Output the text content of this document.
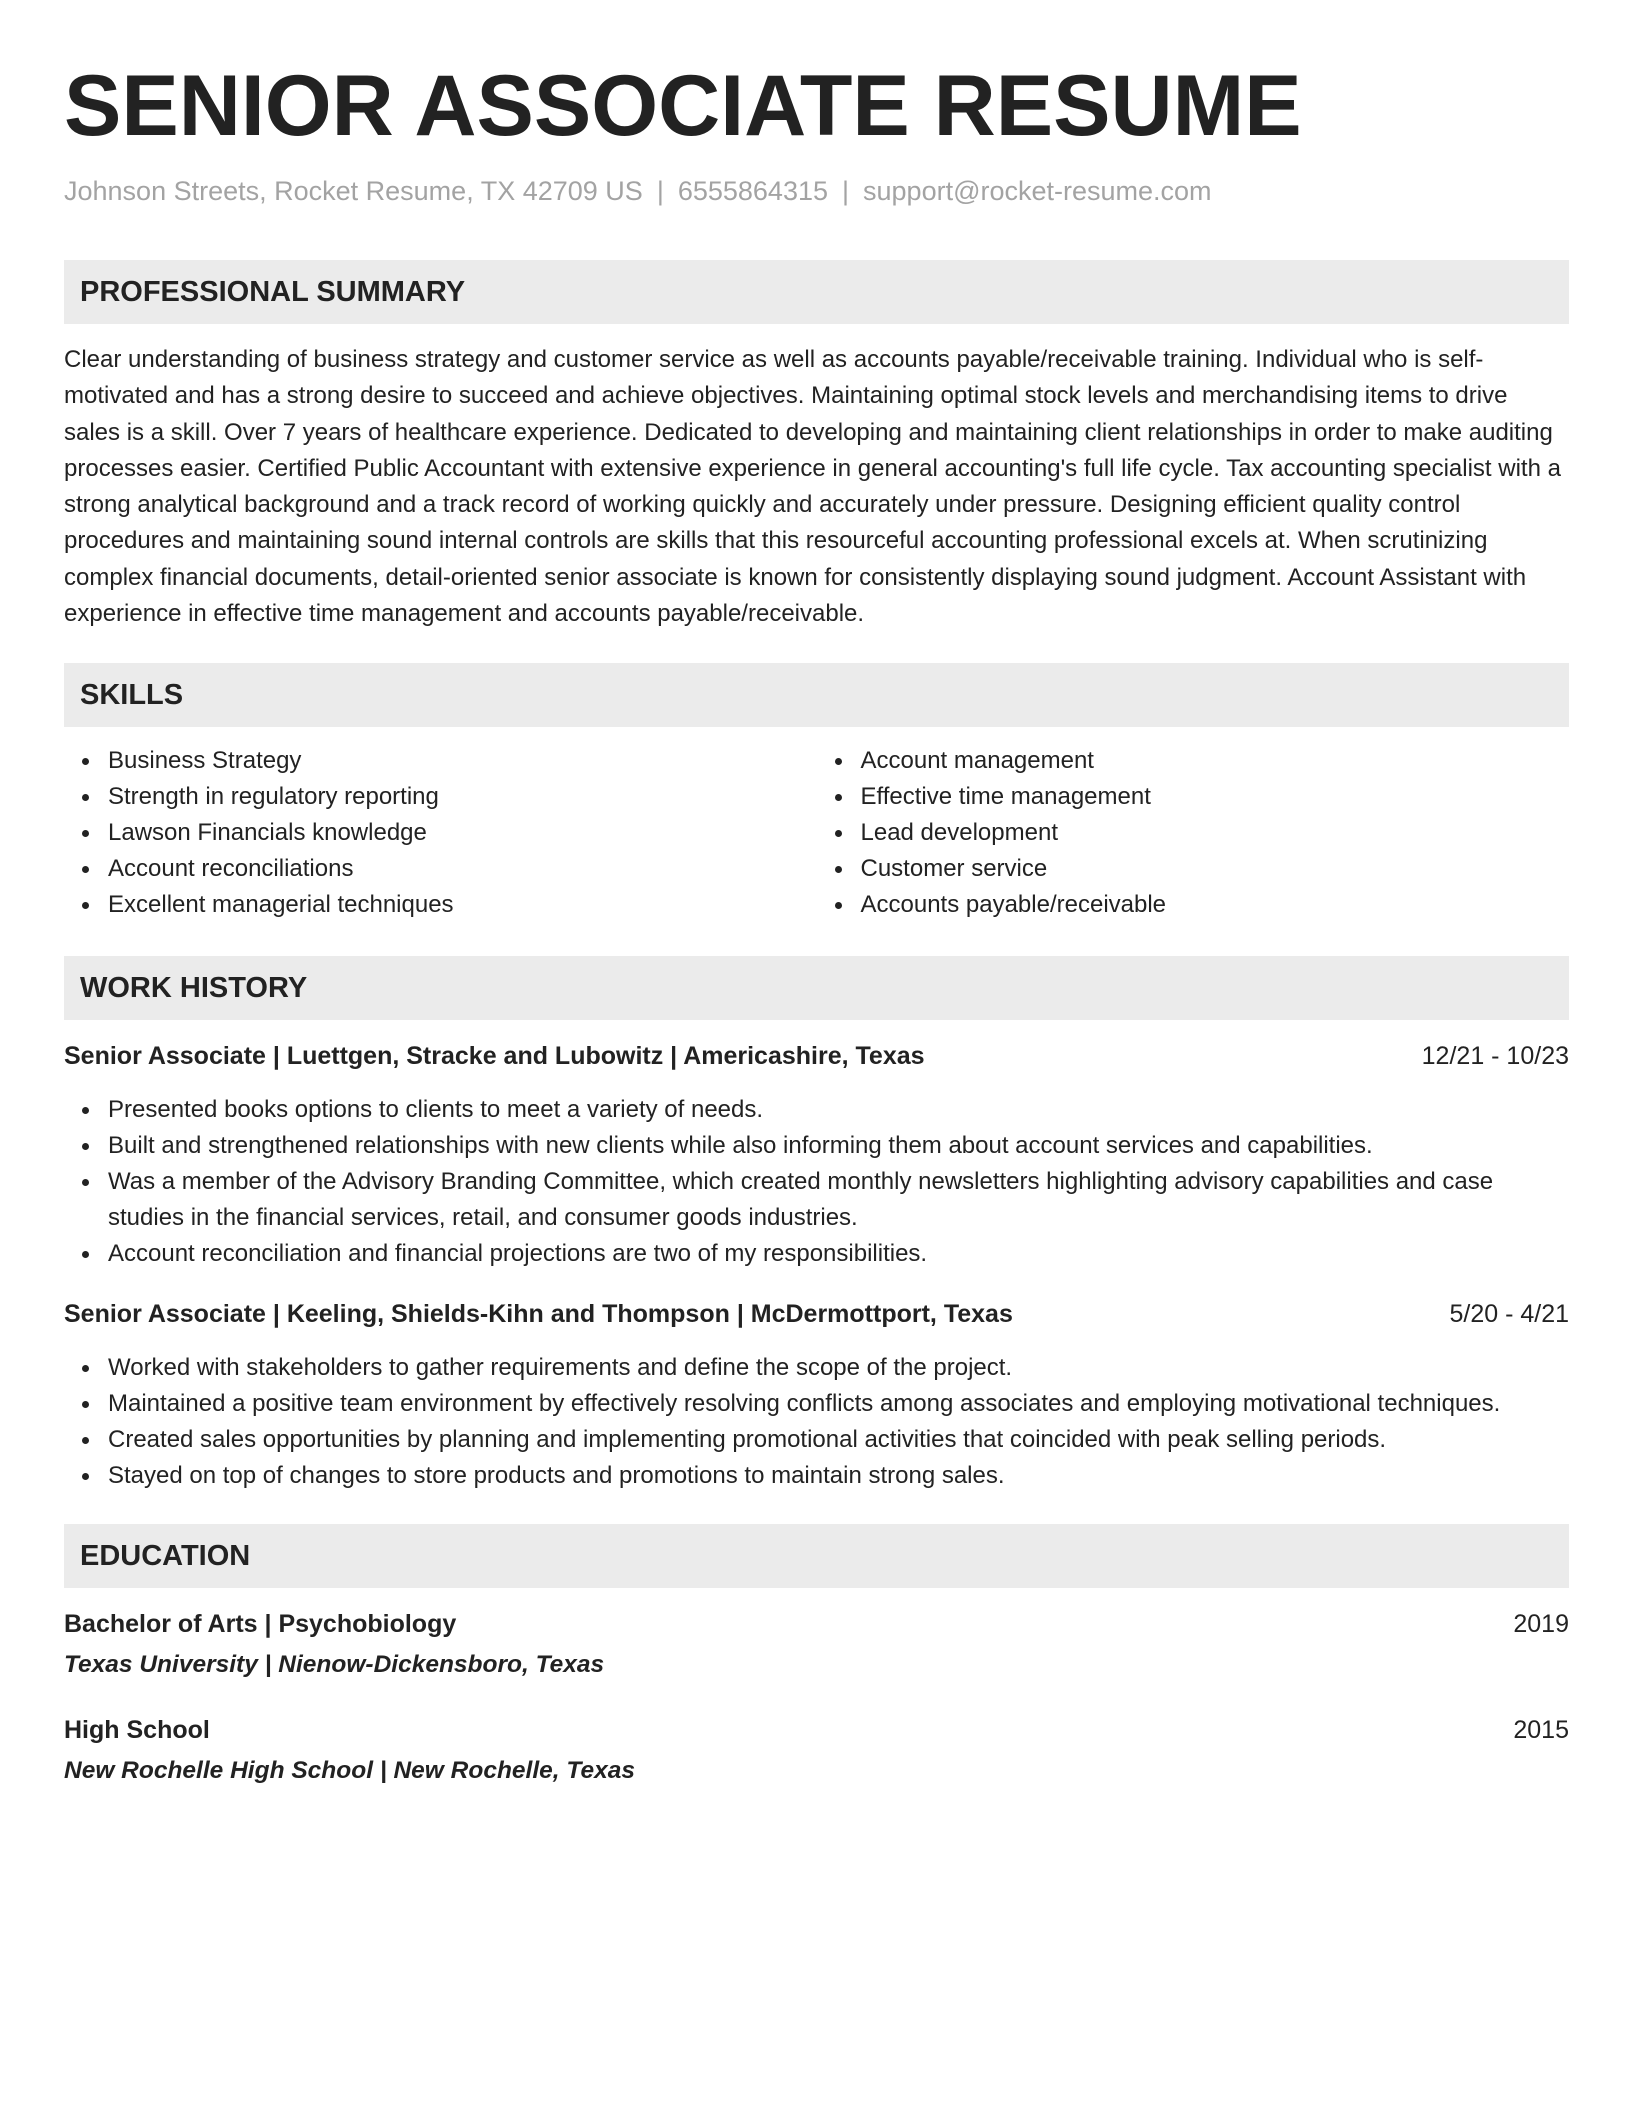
SENIOR ASSOCIATE RESUME
Johnson Streets, Rocket Resume, TX 42709 US | 6555864315 | support@rocket-resume.com
PROFESSIONAL SUMMARY
Clear understanding of business strategy and customer service as well as accounts payable/receivable training. Individual who is self-motivated and has a strong desire to succeed and achieve objectives. Maintaining optimal stock levels and merchandising items to drive sales is a skill. Over 7 years of healthcare experience. Dedicated to developing and maintaining client relationships in order to make auditing processes easier. Certified Public Accountant with extensive experience in general accounting's full life cycle. Tax accounting specialist with a strong analytical background and a track record of working quickly and accurately under pressure. Designing efficient quality control procedures and maintaining sound internal controls are skills that this resourceful accounting professional excels at. When scrutinizing complex financial documents, detail-oriented senior associate is known for consistently displaying sound judgment. Account Assistant with experience in effective time management and accounts payable/receivable.
SKILLS
Business Strategy
Strength in regulatory reporting
Lawson Financials knowledge
Account reconciliations
Excellent managerial techniques
Account management
Effective time management
Lead development
Customer service
Accounts payable/receivable
WORK HISTORY
Senior Associate | Luettgen, Stracke and Lubowitz | Americashire, Texas	12/21 - 10/23
Presented books options to clients to meet a variety of needs.
Built and strengthened relationships with new clients while also informing them about account services and capabilities.
Was a member of the Advisory Branding Committee, which created monthly newsletters highlighting advisory capabilities and case studies in the financial services, retail, and consumer goods industries.
Account reconciliation and financial projections are two of my responsibilities.
Senior Associate | Keeling, Shields-Kihn and Thompson | McDermottport, Texas	5/20 - 4/21
Worked with stakeholders to gather requirements and define the scope of the project.
Maintained a positive team environment by effectively resolving conflicts among associates and employing motivational techniques.
Created sales opportunities by planning and implementing promotional activities that coincided with peak selling periods.
Stayed on top of changes to store products and promotions to maintain strong sales.
EDUCATION
Bachelor of Arts | Psychobiology	2019
Texas University | Nienow-Dickensboro, Texas
High School	2015
New Rochelle High School | New Rochelle, Texas
